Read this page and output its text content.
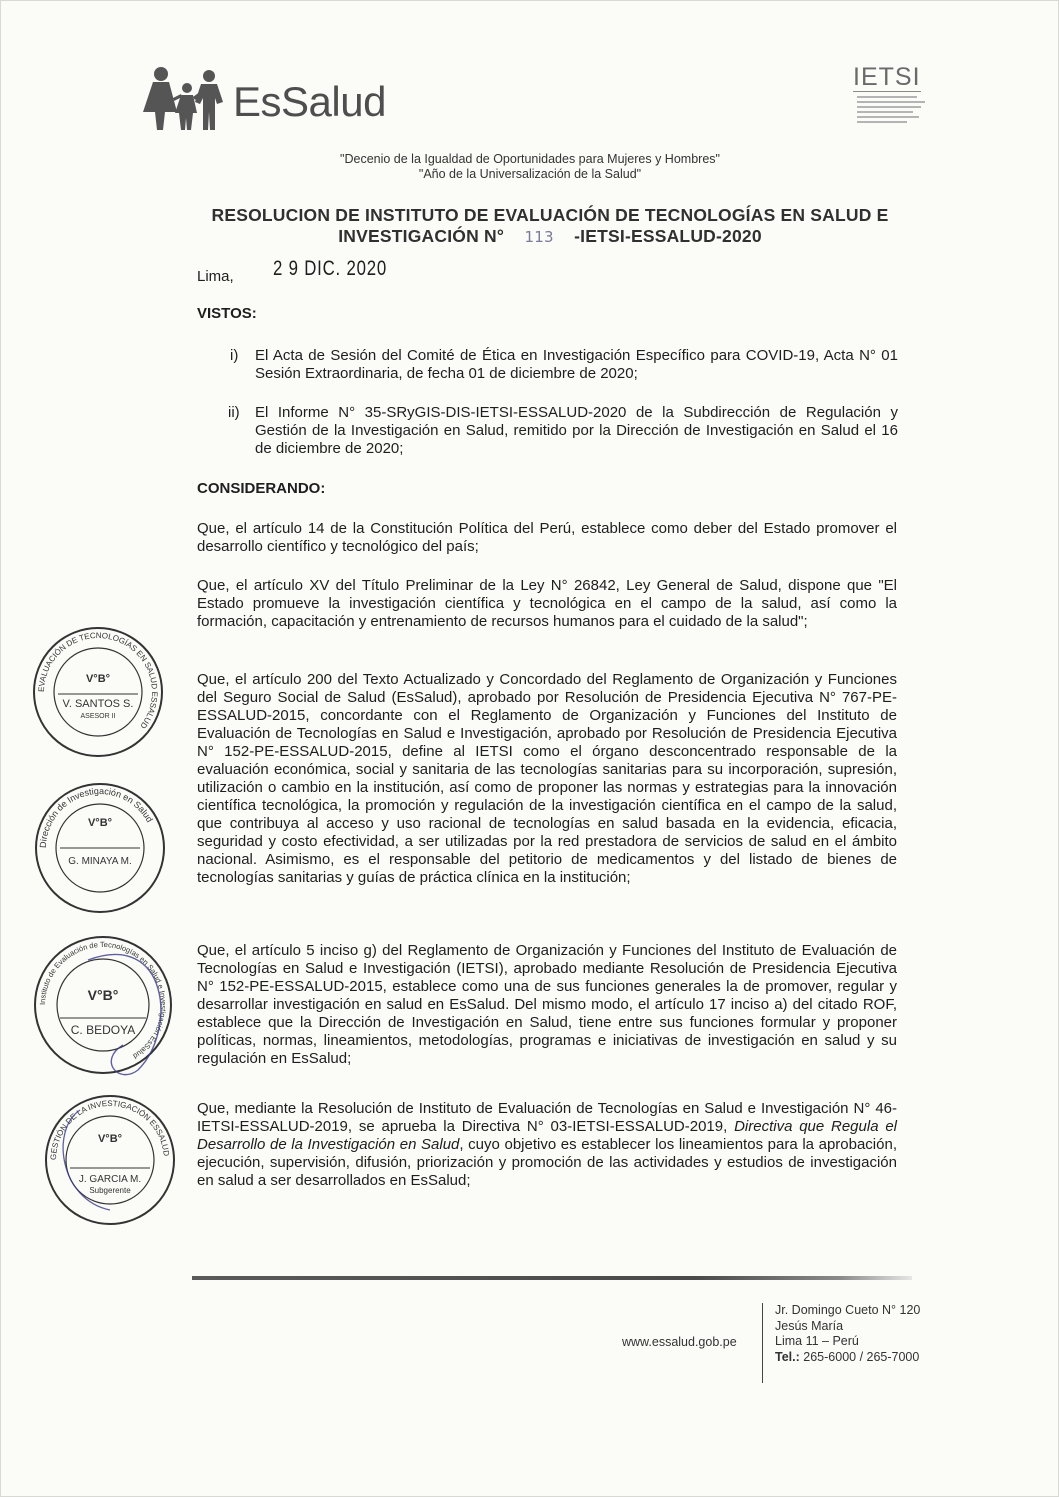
EsSalud
IETSI
"Decenio de la Igualdad de Oportunidades para Mujeres y Hombres"
"Año de la Universalización de la Salud"
RESOLUCION DE INSTITUTO DE EVALUACIÓN DE TECNOLOGÍAS EN SALUD E
INVESTIGACIÓN N° 113 -IETSI-ESSALUD-2020
Lima, 2 9 DIC. 2020
VISTOS:
i) El Acta de Sesión del Comité de Ética en Investigación Específico para COVID-19, Acta N° 01 Sesión Extraordinaria, de fecha 01 de diciembre de 2020;
ii) El Informe N° 35-SRyGIS-DIS-IETSI-ESSALUD-2020 de la Subdirección de Regulación y Gestión de la Investigación en Salud, remitido por la Dirección de Investigación en Salud el 16 de diciembre de 2020;
CONSIDERANDO:
Que, el artículo 14 de la Constitución Política del Perú, establece como deber del Estado promover el desarrollo científico y tecnológico del país;
Que, el artículo XV del Título Preliminar de la Ley N° 26842, Ley General de Salud, dispone que "El Estado promueve la investigación científica y tecnológica en el campo de la salud, así como la formación, capacitación y entrenamiento de recursos humanos para el cuidado de la salud";
Que, el artículo 200 del Texto Actualizado y Concordado del Reglamento de Organización y Funciones del Seguro Social de Salud (EsSalud), aprobado por Resolución de Presidencia Ejecutiva N° 767-PE-ESSALUD-2015, concordante con el Reglamento de Organización y Funciones del Instituto de Evaluación de Tecnologías en Salud e Investigación, aprobado por Resolución de Presidencia Ejecutiva N° 152-PE-ESSALUD-2015, define al IETSI como el órgano desconcentrado responsable de la evaluación económica, social y sanitaria de las tecnologías sanitarias para su incorporación, supresión, utilización o cambio en la institución, así como de proponer las normas y estrategias para la innovación científica tecnológica, la promoción y regulación de la investigación científica en el campo de la salud, que contribuya al acceso y uso racional de tecnologías en salud basada en la evidencia, eficacia, seguridad y costo efectividad, a ser utilizadas por la red prestadora de servicios de salud en el ámbito nacional. Asimismo, es el responsable del petitorio de medicamentos y del listado de bienes de tecnologías sanitarias y guías de práctica clínica en la institución;
Que, el artículo 5 inciso g) del Reglamento de Organización y Funciones del Instituto de Evaluación de Tecnologías en Salud e Investigación (IETSI), aprobado mediante Resolución de Presidencia Ejecutiva N° 152-PE-ESSALUD-2015, establece como una de sus funciones generales la de promover, regular y desarrollar investigación en salud en EsSalud. Del mismo modo, el artículo 17 inciso a) del citado ROF, establece que la Dirección de Investigación en Salud, tiene entre sus funciones formular y proponer políticas, normas, lineamientos, metodologías, programas e iniciativas de investigación en salud y su regulación en EsSalud;
Que, mediante la Resolución de Instituto de Evaluación de Tecnologías en Salud e Investigación N° 46-IETSI-ESSALUD-2019, se aprueba la Directiva N° 03-IETSI-ESSALUD-2019, Directiva que Regula el Desarrollo de la Investigación en Salud, cuyo objetivo es establecer los lineamientos para la aprobación, ejecución, supervisión, difusión, priorización y promoción de las actividades y estudios de investigación en salud a ser desarrollados en EsSalud;
EVALUACIÓN DE TECNOLOGÍAS EN SALUD ESSALUD
V°B°
V. SANTOS S.
ASESOR II
Dirección de Investigación en Salud
V°B°
G. MINAYA M.
Instituto de Evaluación de Tecnologías en Salud e Investigación EsSalud
V°B°
C. BEDOYA
GESTIÓN DE LA INVESTIGACIÓN ESSALUD
V°B°
J. GARCIA M.
Subgerente
www.essalud.gob.pe
Jr. Domingo Cueto N° 120
Jesús María
Lima 11 – Perú
Tel.: 265-6000 / 265-7000
